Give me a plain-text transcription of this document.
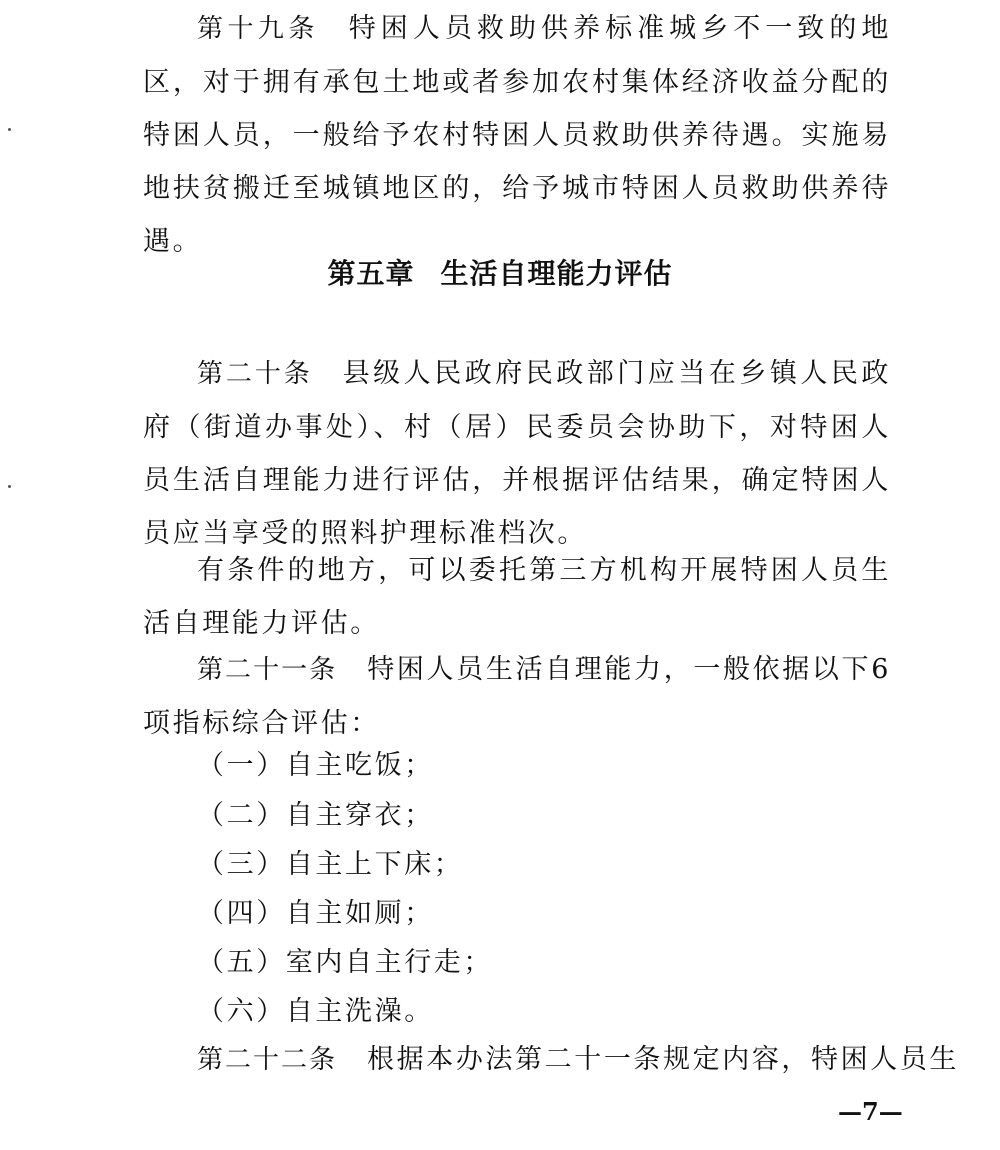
第十九条 特困人员救助供养标准城乡不一致的地区，对于拥有承包土地或者参加农村集体经济收益分配的特困人员，一般给予农村特困人员救助供养待遇。实施易地扶贫搬迁至城镇地区的，给予城市特困人员救助供养待遇。

第五章 生活自理能力评估

第二十条 县级人民政府民政部门应当在乡镇人民政府（街道办事处）、村（居）民委员会协助下，对特困人员生活自理能力进行评估，并根据评估结果，确定特困人员应当享受的照料护理标准档次。

有条件的地方，可以委托第三方机构开展特困人员生活自理能力评估。

第二十一条 特困人员生活自理能力，一般依据以下6项指标综合评估：

（一）自主吃饭；

（二）自主穿衣；

（三）自主上下床；

（四）自主如厕；

（五）室内自主行走；

（六）自主洗澡。

第二十二条 根据本办法第二十一条规定内容，特困人员生

—7—
